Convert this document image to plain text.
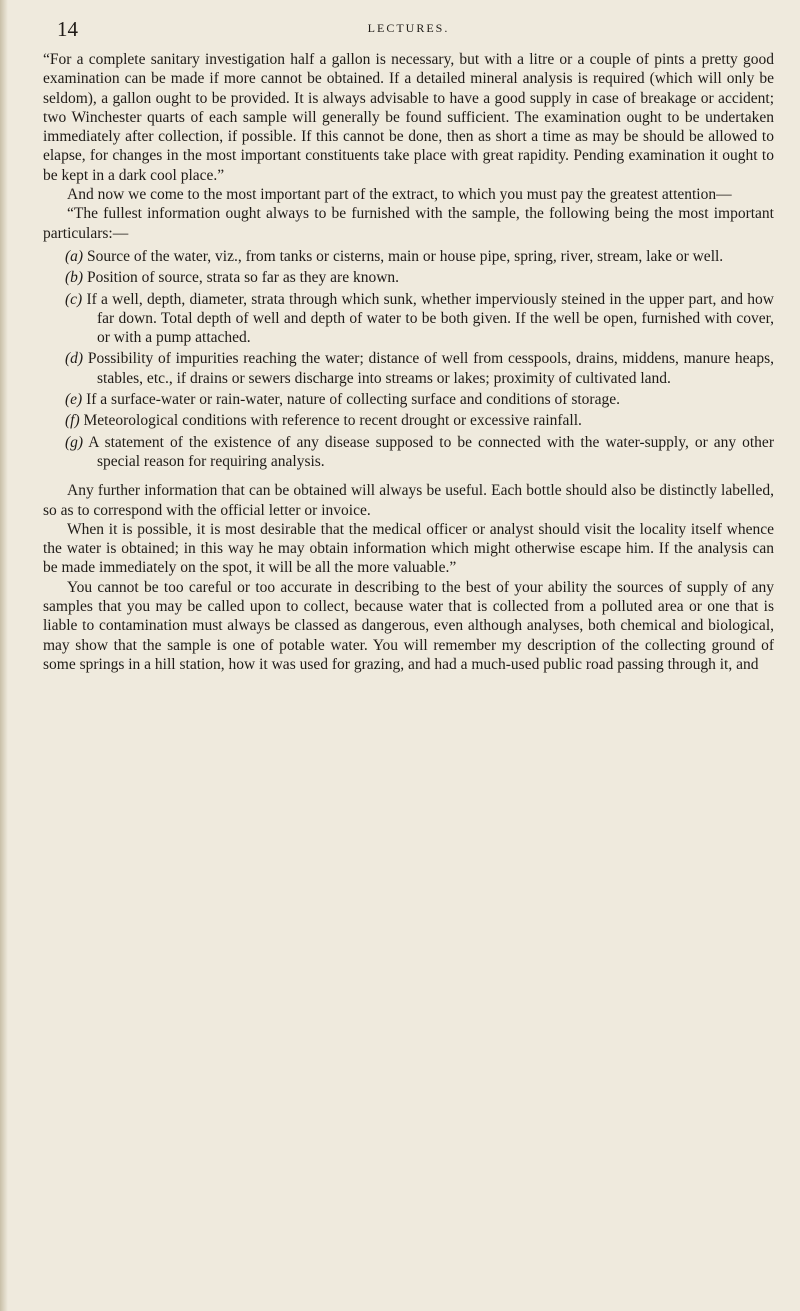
14	LECTURES.

“For a complete sanitary investigation half a gallon is necessary, but with a litre or a couple of pints a pretty good examination can be made if more cannot be obtained. If a detailed mineral analysis is required (which will only be seldom), a gallon ought to be provided. It is always advisable to have a good supply in case of breakage or accident; two Winchester quarts of each sample will generally be found sufficient. The examination ought to be undertaken immediately after collection, if possible. If this cannot be done, then as short a time as may be should be allowed to elapse, for changes in the most important constituents take place with great rapidity. Pending examination it ought to be kept in a dark cool place.”

And now we come to the most important part of the extract, to which you must pay the greatest attention—

“The fullest information ought always to be furnished with the sample, the following being the most important particulars:—

(a) Source of the water, viz., from tanks or cisterns, main or house pipe, spring, river, stream, lake or well.
(b) Position of source, strata so far as they are known.
(c) If a well, depth, diameter, strata through which sunk, whether imperviously steined in the upper part, and how far down. Total depth of well and depth of water to be both given. If the well be open, furnished with cover, or with a pump attached.
(d) Possibility of impurities reaching the water; distance of well from cesspools, drains, middens, manure heaps, stables, etc., if drains or sewers discharge into streams or lakes; proximity of cultivated land.
(e) If a surface-water or rain-water, nature of collecting surface and conditions of storage.
(f) Meteorological conditions with reference to recent drought or excessive rainfall.
(g) A statement of the existence of any disease supposed to be connected with the water-supply, or any other special reason for requiring analysis.

Any further information that can be obtained will always be useful. Each bottle should also be distinctly labelled, so as to correspond with the official letter or invoice.

When it is possible, it is most desirable that the medical officer or analyst should visit the locality itself whence the water is obtained; in this way he may obtain information which might otherwise escape him. If the analysis can be made immediately on the spot, it will be all the more valuable.”

You cannot be too careful or too accurate in describing to the best of your ability the sources of supply of any samples that you may be called upon to collect, because water that is collected from a polluted area or one that is liable to contamination must always be classed as dangerous, even although analyses, both chemical and biological, may show that the sample is one of potable water. You will remember my description of the collecting ground of some springs in a hill station, how it was used for grazing, and had a much-used public road passing through it, and
